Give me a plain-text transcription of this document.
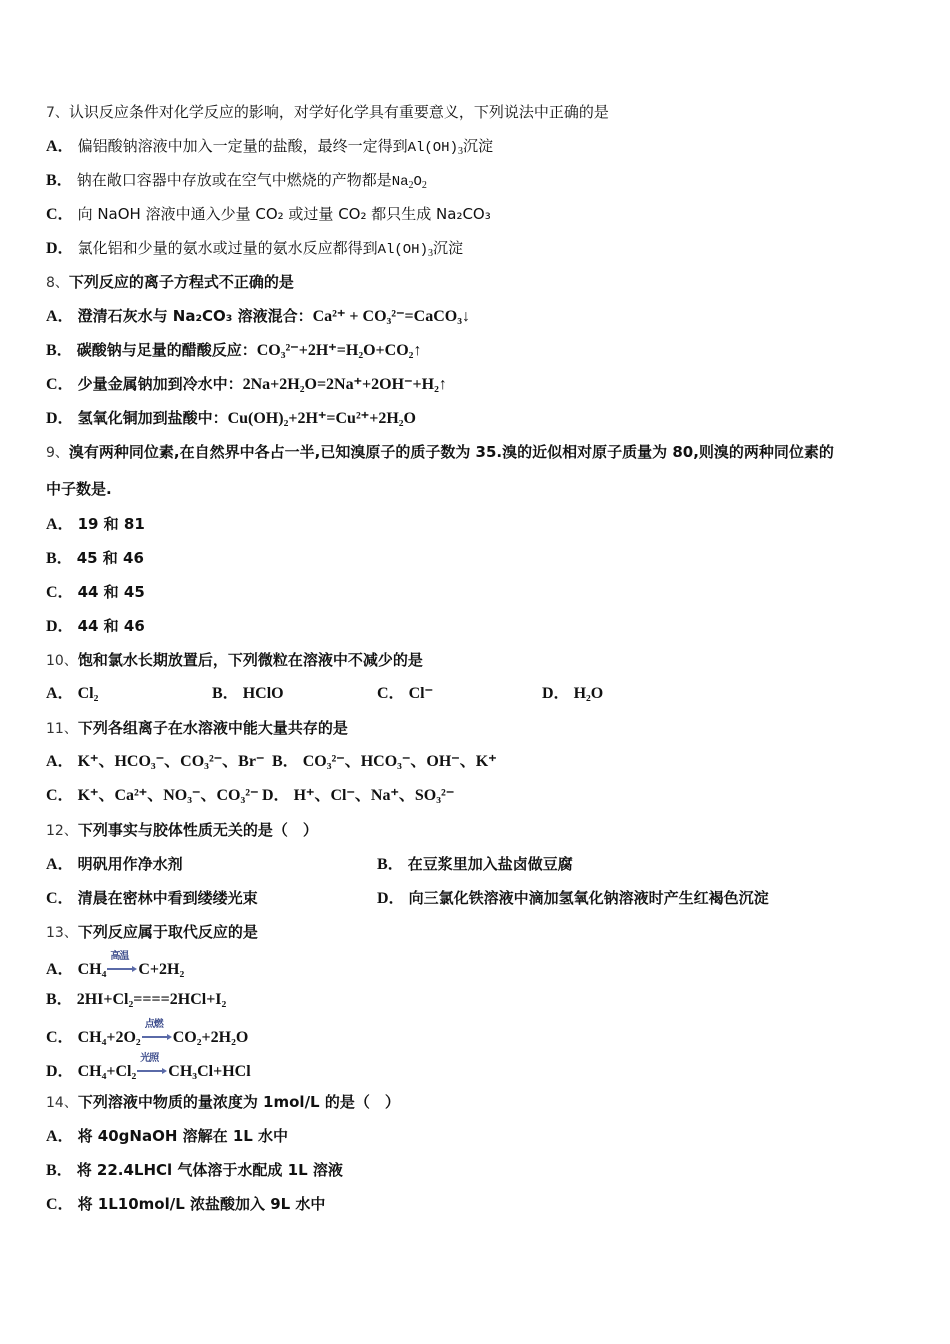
7、认识反应条件对化学反应的影响，对学好化学具有重要意义，下列说法中正确的是
A． 偏铝酸钠溶液中加入一定量的盐酸，最终一定得到$Al(OH)_3$沉淀
B． 钠在敞口容器中存放或在空气中燃烧的产物都是$Na_2O_2$
C． 向 NaOH 溶液中通入少量 CO₂ 或过量 CO₂ 都只生成 Na₂CO₃
D． 氯化铝和少量的氨水或过量的氨水反应都得到$Al(OH)_3$沉淀
8、下列反应的离子方程式不正确的是
A． 澄清石灰水与 Na₂CO₃ 溶液混合：Ca²⁺ + CO₃²⁻=CaCO₃↓
B． 碳酸钠与足量的醋酸反应：CO₃²⁻+2H⁺=H₂O+CO₂↑
C． 少量金属钠加到冷水中：2Na+2H₂O=2Na⁺+2OH⁻+H₂↑
D． 氢氧化铜加到盐酸中：Cu(OH)₂+2H⁺=Cu²⁺+2H₂O
9、溴有两种同位素,在自然界中各占一半,已知溴原子的质子数为 35.溴的近似相对原子质量为 80,则溴的两种同位素的
中子数是.
A． 19 和 81
B． 45 和 46
C． 44 和 45
D． 44 和 46
10、饱和氯水长期放置后，下列微粒在溶液中不减少的是
A． Cl₂	B． HClO	C． Cl⁻	D． H₂O
11、下列各组离子在水溶液中能大量共存的是
A． K⁺、HCO₃⁻、CO₃²⁻、Br⁻ B． CO₃²⁻、HCO₃⁻、OH⁻、K⁺
C． K⁺、Ca²⁺、NO₃⁻、CO₃²⁻ D． H⁺、Cl⁻、Na⁺、SO₃²⁻
12、下列事实与胶体性质无关的是（　）
A． 明矾用作净水剂	B． 在豆浆里加入盐卤做豆腐
C． 清晨在密林中看到缕缕光束	D． 向三氯化铁溶液中滴加氢氧化钠溶液时产生红褐色沉淀
13、下列反应属于取代反应的是
A． CH₄
高温
C+2H₂
B． 2HI+Cl₂====2HCl+I₂
C． CH₄+2O₂
点燃
CO₂+2H₂O
D． CH₄+Cl₂
光照
CH₃Cl+HCl
14、下列溶液中物质的量浓度为 1mol/L 的是（　）
A． 将 40gNaOH 溶解在 1L 水中
B． 将 22.4LHCl 气体溶于水配成 1L 溶液
C． 将 1L10mol/L 浓盐酸加入 9L 水中
